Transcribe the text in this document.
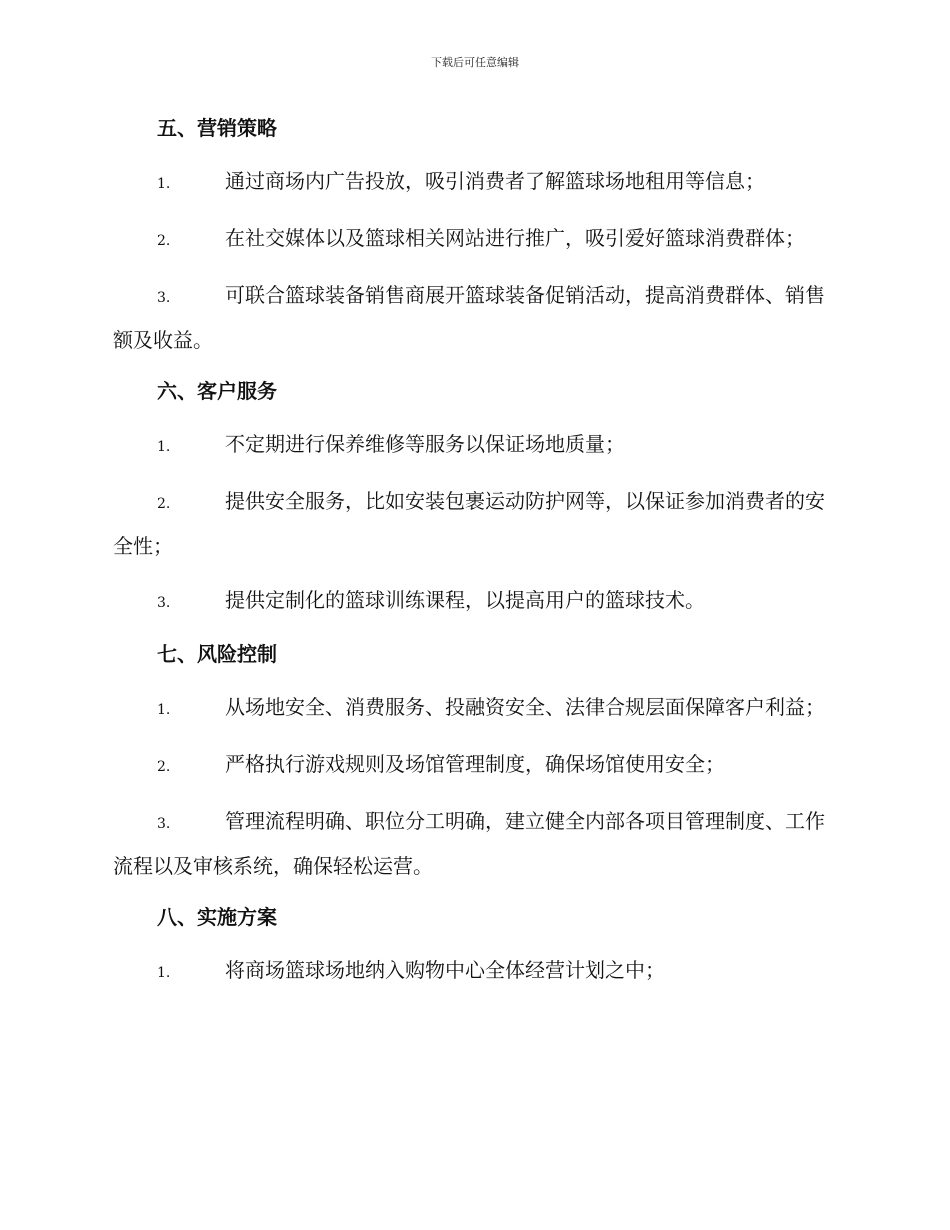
下载后可任意编辑
五、营销策略
1.	通过商场内广告投放，吸引消费者了解篮球场地租用等信息；
2.	在社交媒体以及篮球相关网站进行推广，吸引爱好篮球消费群体；
3.	可联合篮球装备销售商展开篮球装备促销活动，提高消费群体、销售额及收益。
六、客户服务
1.	不定期进行保养维修等服务以保证场地质量；
2.	提供安全服务，比如安装包裹运动防护网等，以保证参加消费者的安全性；
3.	提供定制化的篮球训练课程，以提高用户的篮球技术。
七、风险控制
1.	从场地安全、消费服务、投融资安全、法律合规层面保障客户利益；
2.	严格执行游戏规则及场馆管理制度，确保场馆使用安全；
3.	管理流程明确、职位分工明确，建立健全内部各项目管理制度、工作流程以及审核系统，确保轻松运营。
八、实施方案
1.	将商场篮球场地纳入购物中心全体经营计划之中；
